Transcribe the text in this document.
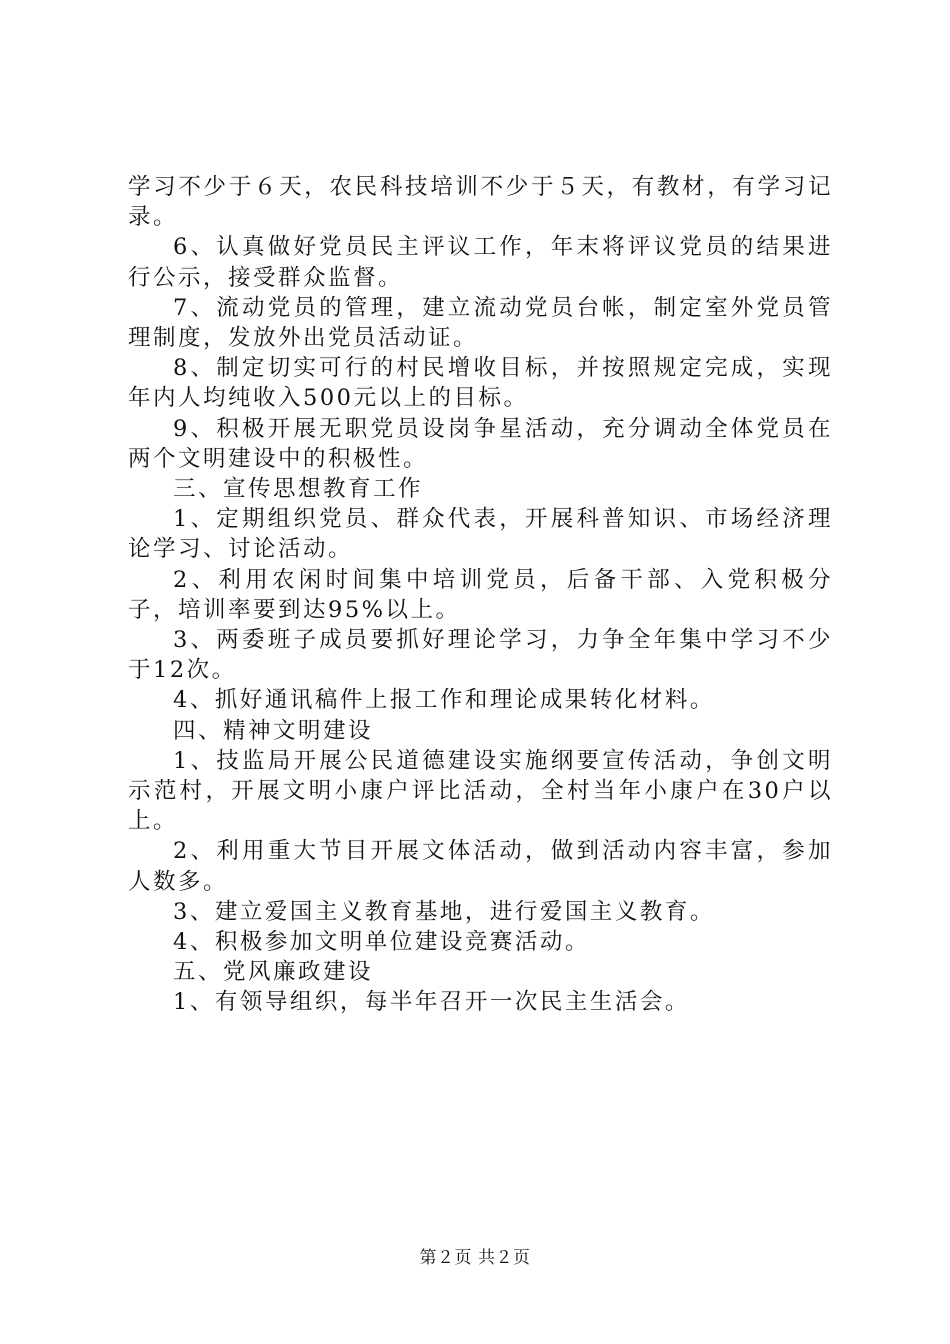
学习不少于６天，农民科技培训不少于５天，有教材，有学习记录。

6、认真做好党员民主评议工作，年末将评议党员的结果进行公示，接受群众监督。

7、流动党员的管理，建立流动党员台帐，制定室外党员管理制度，发放外出党员活动证。

8、制定切实可行的村民增收目标，并按照规定完成，实现年内人均纯收入500元以上的目标。

9、积极开展无职党员设岗争星活动，充分调动全体党员在两个文明建设中的积极性。

三、宣传思想教育工作

1、定期组织党员、群众代表，开展科普知识、市场经济理论学习、讨论活动。

2、利用农闲时间集中培训党员，后备干部、入党积极分子，培训率要到达95%以上。

3、两委班子成员要抓好理论学习，力争全年集中学习不少于12次。

4、抓好通讯稿件上报工作和理论成果转化材料。

四、精神文明建设

1、技监局开展公民道德建设实施纲要宣传活动，争创文明示范村，开展文明小康户评比活动，全村当年小康户在30户以上。

2、利用重大节目开展文体活动，做到活动内容丰富，参加人数多。

3、建立爱国主义教育基地，进行爱国主义教育。

4、积极参加文明单位建设竞赛活动。

五、党风廉政建设

1、有领导组织，每半年召开一次民主生活会。

第２页 共２页
